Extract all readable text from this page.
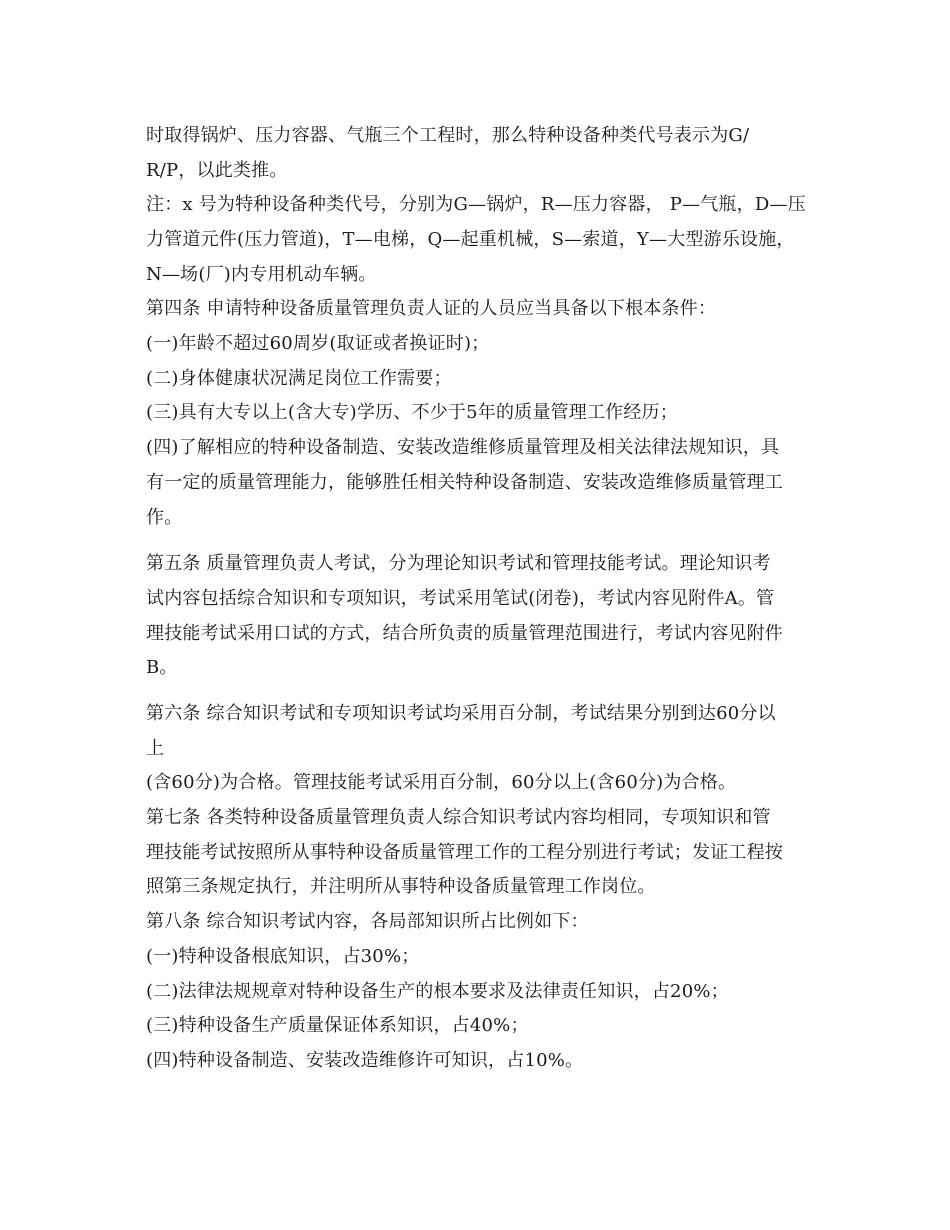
时取得锅炉、压力容器、气瓶三个工程时，那么特种设备种类代号表示为G/
R/P，以此类推。
注：x 号为特种设备种类代号，分别为G—锅炉，R—压力容器， P—气瓶，D—压
力管道元件(压力管道)，T—电梯，Q—起重机械，S—索道，Y—大型游乐设施，
N—场(厂)内专用机动车辆。
第四条 申请特种设备质量管理负责人证的人员应当具备以下根本条件：
(一)年龄不超过60周岁(取证或者换证时)；
(二)身体健康状况满足岗位工作需要；
(三)具有大专以上(含大专)学历、不少于5年的质量管理工作经历；
(四)了解相应的特种设备制造、安装改造维修质量管理及相关法律法规知识，具
有一定的质量管理能力，能够胜任相关特种设备制造、安装改造维修质量管理工
作。
第五条 质量管理负责人考试，分为理论知识考试和管理技能考试。理论知识考
试内容包括综合知识和专项知识，考试采用笔试(闭卷)，考试内容见附件A。管
理技能考试采用口试的方式，结合所负责的质量管理范围进行，考试内容见附件
B。
第六条 综合知识考试和专项知识考试均采用百分制，考试结果分别到达60分以
上
(含60分)为合格。管理技能考试采用百分制，60分以上(含60分)为合格。
第七条 各类特种设备质量管理负责人综合知识考试内容均相同，专项知识和管
理技能考试按照所从事特种设备质量管理工作的工程分别进行考试；发证工程按
照第三条规定执行，并注明所从事特种设备质量管理工作岗位。
第八条 综合知识考试内容，各局部知识所占比例如下：
(一)特种设备根底知识，占30%；
(二)法律法规规章对特种设备生产的根本要求及法律责任知识，占20%；
(三)特种设备生产质量保证体系知识，占40%；
(四)特种设备制造、安装改造维修许可知识，占10%。
